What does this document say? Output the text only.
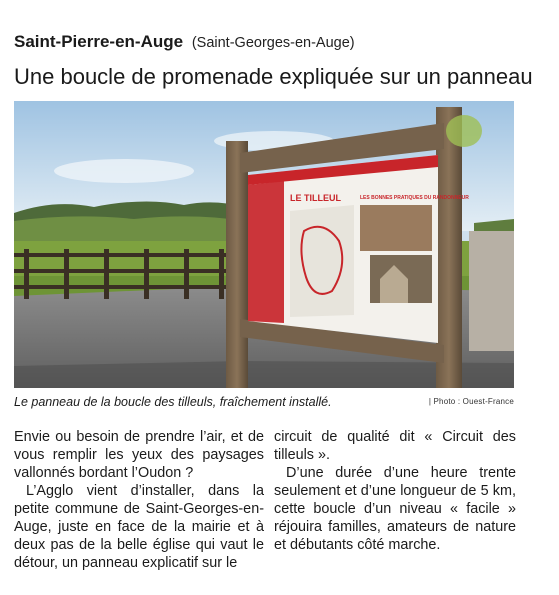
Saint-Pierre-en-Auge (Saint-Georges-en-Auge)
Une boucle de promenade expliquée sur un panneau
LE TILLEUL	LES BONNES PRATIQUES DU RANDONNEUR
Le panneau de la boucle des tilleuls, fraîchement installé.	| Photo : Ouest-France

Envie ou besoin de prendre l’air, et de vous remplir les yeux des paysages vallonnés bordant l’Oudon ?

L’Agglo vient d’installer, dans la petite commune de Saint-Georges-en-Auge, juste en face de la mairie et à deux pas de la belle église qui vaut le détour, un panneau explicatif sur le

circuit de qualité dit « Circuit des tilleuls ».

D’une durée d’une heure trente seulement et d’une longueur de 5 km, cette boucle d’un niveau « facile » réjouira familles, amateurs de nature et débutants côté marche.
